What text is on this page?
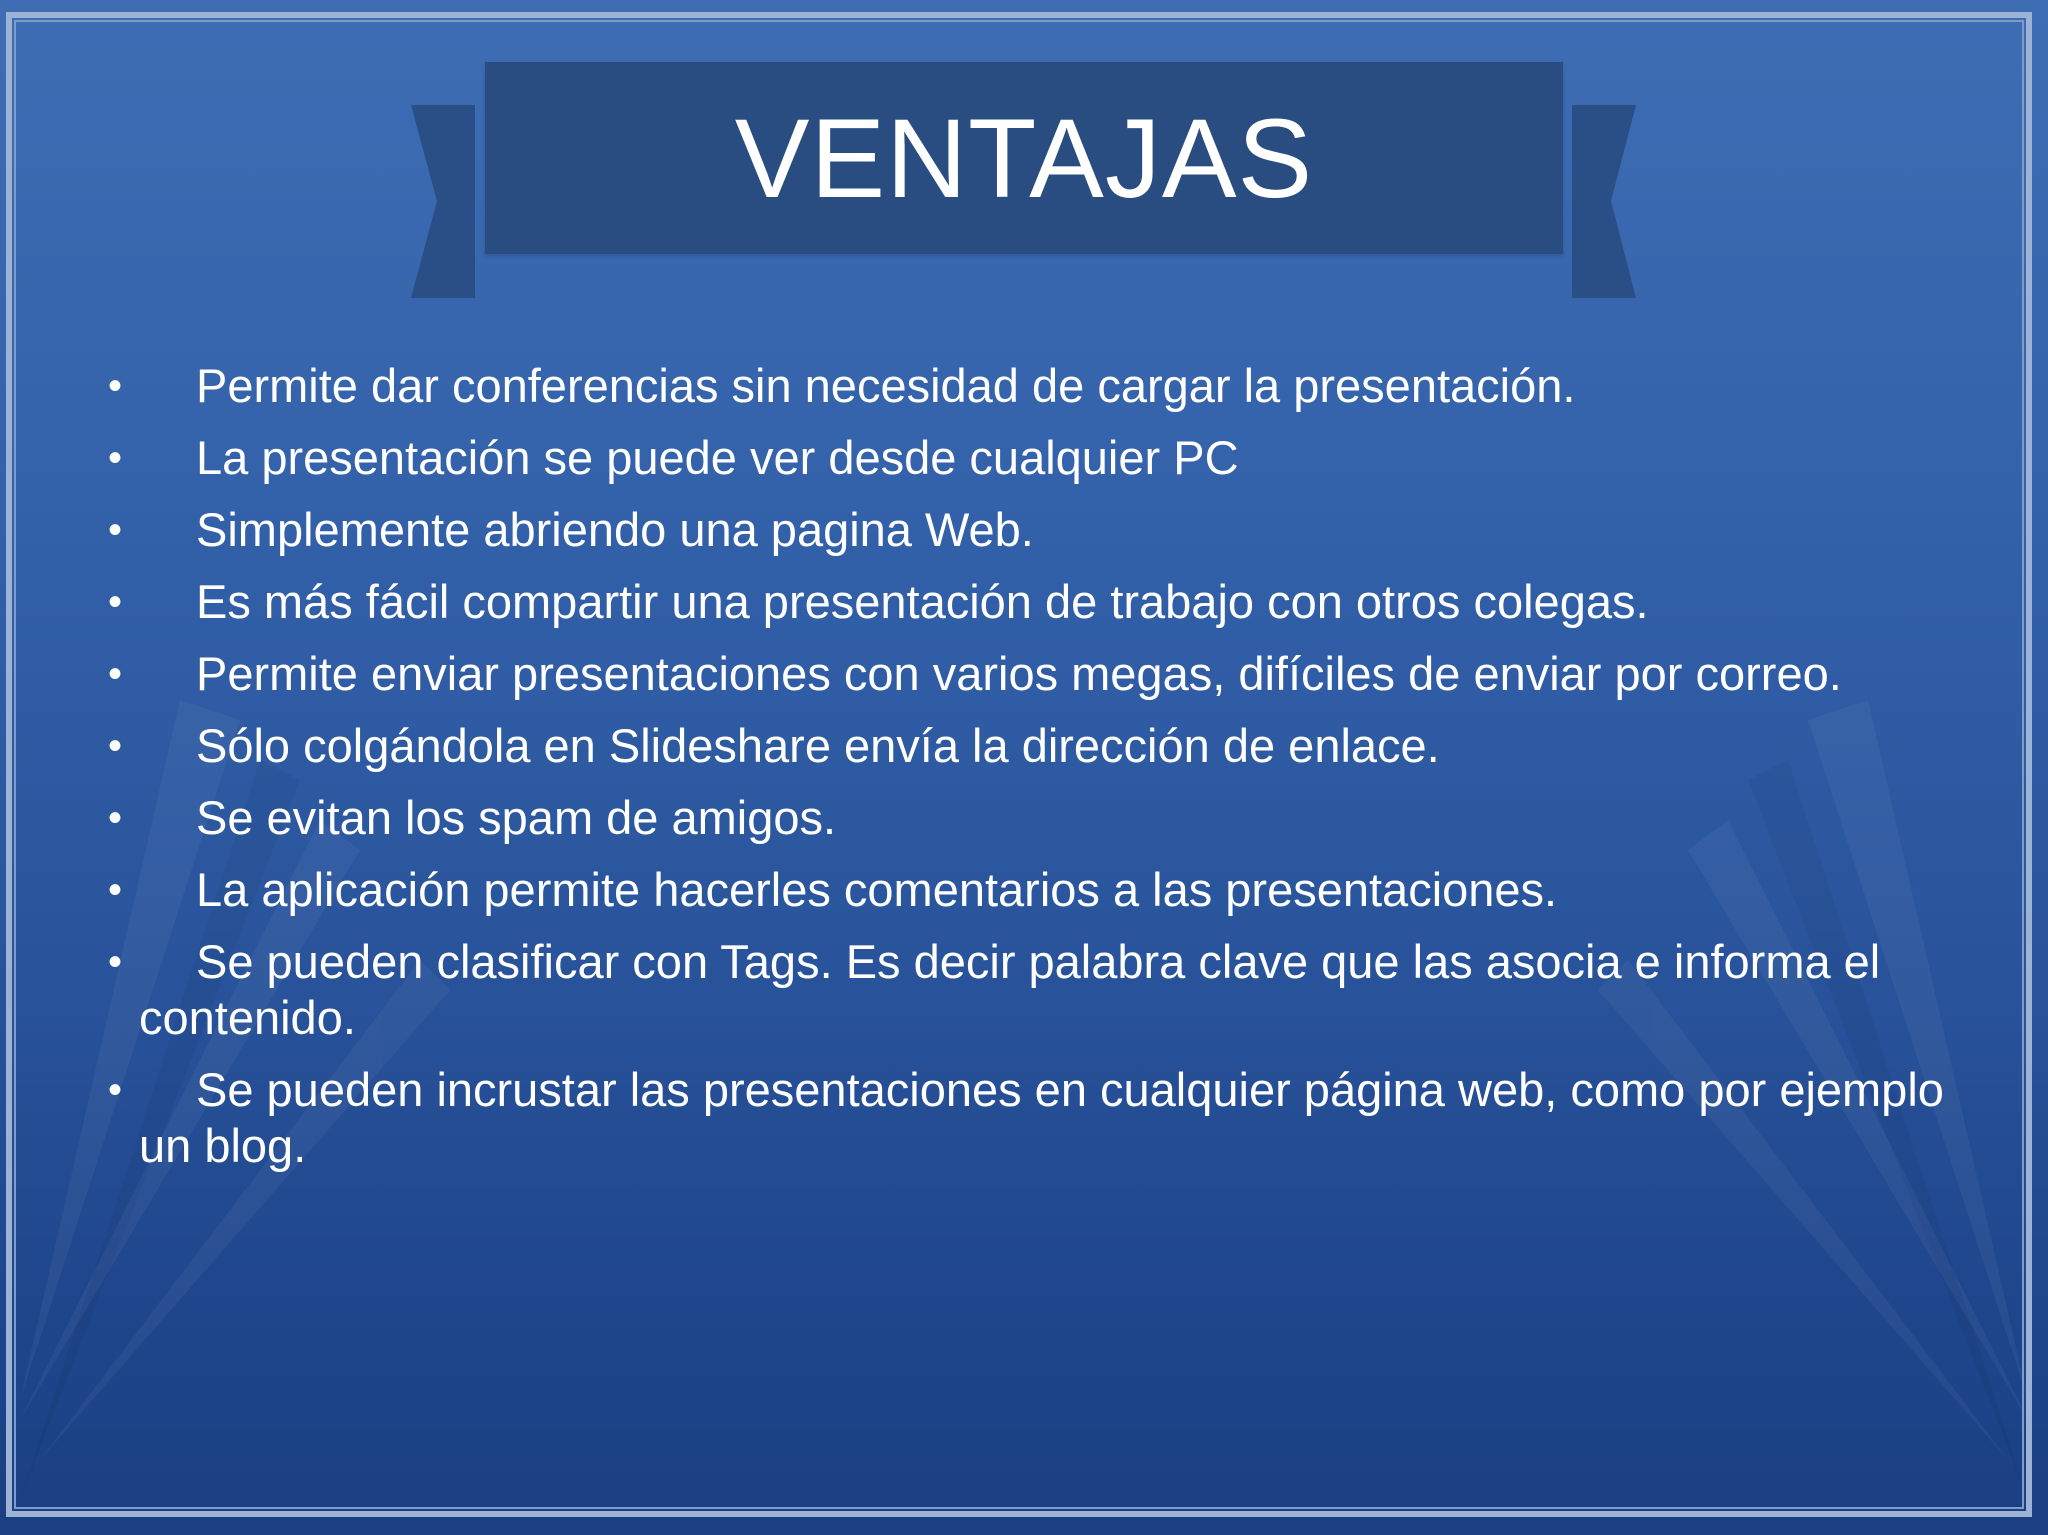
VENTAJAS
•	Permite dar conferencias sin necesidad de cargar la presentación.
•	La presentación se puede ver desde cualquier PC
•	Simplemente abriendo una pagina Web.
•	Es más fácil compartir una presentación de trabajo con otros colegas.
•	Permite enviar presentaciones con varios megas, difíciles de enviar por correo.
•	Sólo colgándola en Slideshare envía la dirección de enlace.
•	Se evitan los spam de amigos.
•	La aplicación permite hacerles comentarios a las presentaciones.
•	Se pueden clasificar con Tags. Es decir palabra clave que las asocia e informa el contenido.
•	Se pueden incrustar las presentaciones en cualquier página web, como por ejemplo un blog.
